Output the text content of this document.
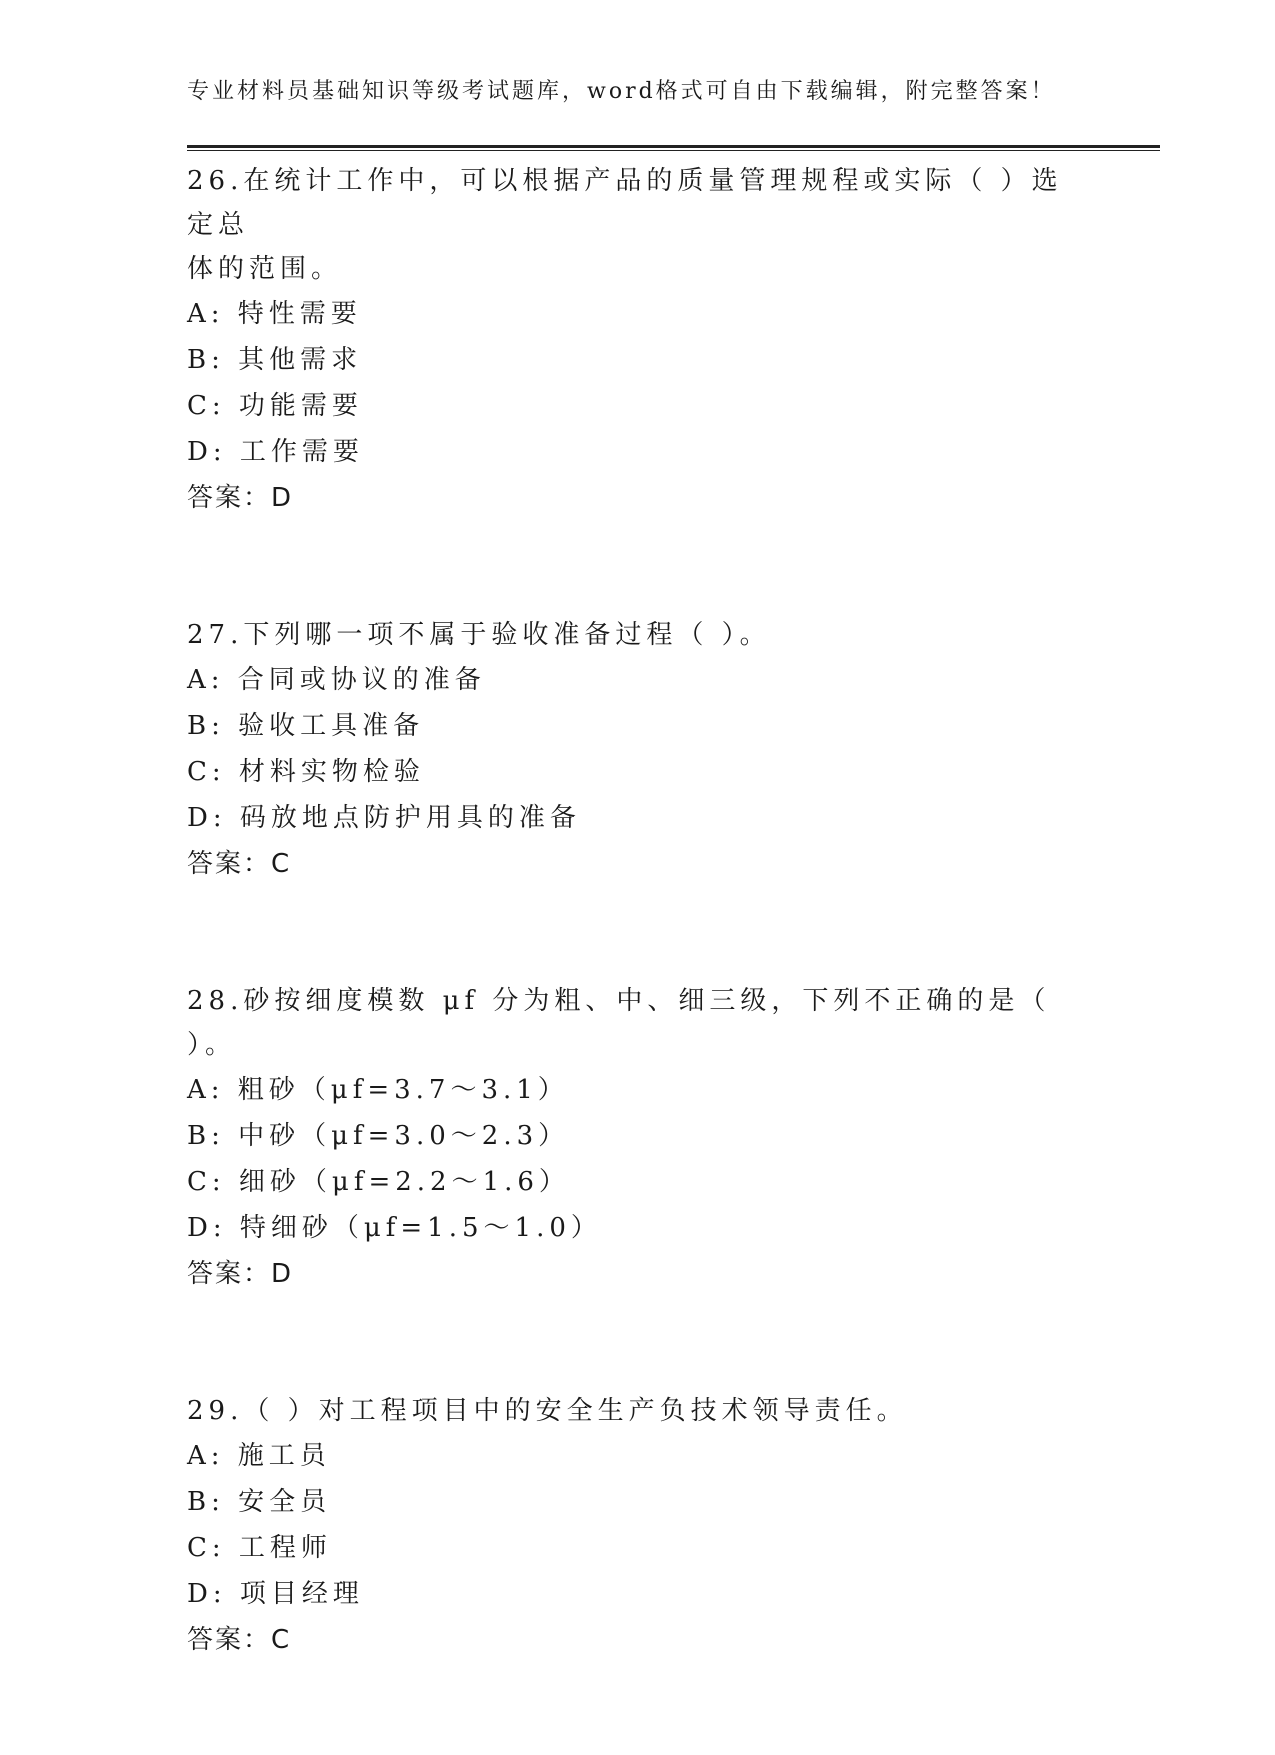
专业材料员基础知识等级考试题库，word格式可自由下载编辑，附完整答案！

26.在统计工作中，可以根据产品的质量管理规程或实际（ ）选定总

体的范围。

A: 特性需要

B: 其他需求

C: 功能需要

D: 工作需要

答案：D

27.下列哪一项不属于验收准备过程（ ）。

A: 合同或协议的准备

B: 验收工具准备

C: 材料实物检验

D: 码放地点防护用具的准备

答案：C

28.砂按细度模数 μf 分为粗、中、细三级，下列不正确的是（ ）。

A: 粗砂（μf=3.7～3.1）

B: 中砂（μf=3.0～2.3）

C: 细砂（μf=2.2～1.6）

D: 特细砂（μf=1.5～1.0）

答案：D

29.（ ）对工程项目中的安全生产负技术领导责任。

A: 施工员

B: 安全员

C: 工程师

D: 项目经理

答案：C
